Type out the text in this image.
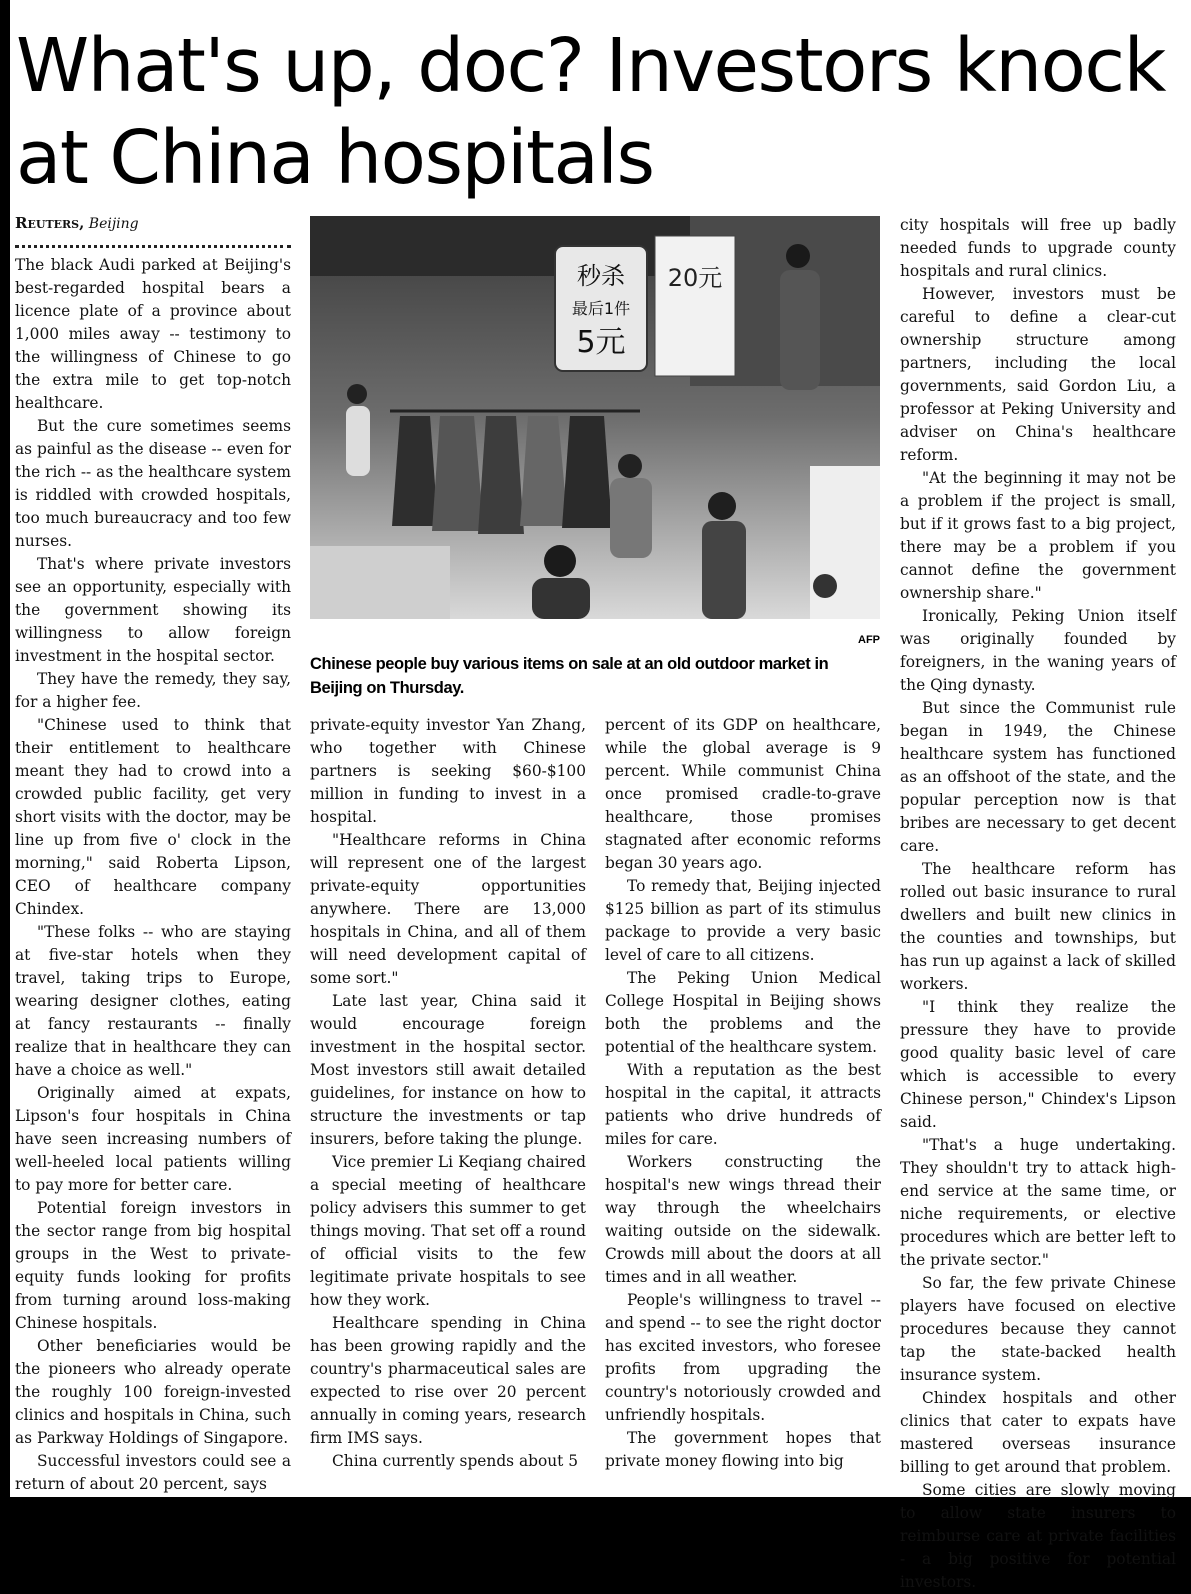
What's up, doc? Investors knock at China hospitals

Reuters, Beijing

The black Audi parked at Beijing's best-regarded hospital bears a licence plate of a province about 1,000 miles away -- testimony to the willingness of Chinese to go the extra mile to get top-notch healthcare.

But the cure sometimes seems as painful as the disease -- even for the rich -- as the healthcare system is riddled with crowded hospitals, too much bureaucracy and too few nurses.

That's where private investors see an opportunity, especially with the government showing its willingness to allow foreign investment in the hospital sector.

They have the remedy, they say, for a higher fee.

"Chinese used to think that their entitlement to healthcare meant they had to crowd into a crowded public facility, get very short visits with the doctor, may be line up from five o' clock in the morning," said Roberta Lipson, CEO of healthcare company Chindex.

"These folks -- who are staying at five-star hotels when they travel, taking trips to Europe, wearing designer clothes, eating at fancy restaurants -- finally realize that in healthcare they can have a choice as well."

Originally aimed at expats, Lipson's four hospitals in China have seen increasing numbers of well-heeled local patients willing to pay more for better care.

Potential foreign investors in the sector range from big hospital groups in the West to private-equity funds looking for profits from turning around loss-making Chinese hospitals.

Other beneficiaries would be the pioneers who already operate the roughly 100 foreign-invested clinics and hospitals in China, such as Parkway Holdings of Singapore.

Successful investors could see a return of about 20 percent, says

秒杀
最后1件
5元
20元

AFP

Chinese people buy various items on sale at an old outdoor market in Beijing on Thursday.

private-equity investor Yan Zhang, who together with Chinese partners is seeking $60-$100 million in funding to invest in a hospital.

"Healthcare reforms in China will represent one of the largest private-equity opportunities anywhere. There are 13,000 hospitals in China, and all of them will need development capital of some sort."

Late last year, China said it would encourage foreign investment in the hospital sector. Most investors still await detailed guidelines, for instance on how to structure the investments or tap insurers, before taking the plunge.

Vice premier Li Keqiang chaired a special meeting of healthcare policy advisers this summer to get things moving. That set off a round of official visits to the few legitimate private hospitals to see how they work.

Healthcare spending in China has been growing rapidly and the country's pharmaceutical sales are expected to rise over 20 percent annually in coming years, research firm IMS says.

China currently spends about 5

percent of its GDP on healthcare, while the global average is 9 percent. While communist China once promised cradle-to-grave healthcare, those promises stagnated after economic reforms began 30 years ago.

To remedy that, Beijing injected $125 billion as part of its stimulus package to provide a very basic level of care to all citizens.

The Peking Union Medical College Hospital in Beijing shows both the problems and the potential of the healthcare system.

With a reputation as the best hospital in the capital, it attracts patients who drive hundreds of miles for care.

Workers constructing the hospital's new wings thread their way through the wheelchairs waiting outside on the sidewalk. Crowds mill about the doors at all times and in all weather.

People's willingness to travel -- and spend -- to see the right doctor has excited investors, who foresee profits from upgrading the country's notoriously crowded and unfriendly hospitals.

The government hopes that private money flowing into big

city hospitals will free up badly needed funds to upgrade county hospitals and rural clinics.

However, investors must be careful to define a clear-cut ownership structure among partners, including the local governments, said Gordon Liu, a professor at Peking University and adviser on China's healthcare reform.

"At the beginning it may not be a problem if the project is small, but if it grows fast to a big project, there may be a problem if you cannot define the government ownership share."

Ironically, Peking Union itself was originally founded by foreigners, in the waning years of the Qing dynasty.

But since the Communist rule began in 1949, the Chinese healthcare system has functioned as an offshoot of the state, and the popular perception now is that bribes are necessary to get decent care.

The healthcare reform has rolled out basic insurance to rural dwellers and built new clinics in the counties and townships, but has run up against a lack of skilled workers.

"I think they realize the pressure they have to provide good quality basic level of care which is accessible to every Chinese person," Chindex's Lipson said.

"That's a huge undertaking. They shouldn't try to attack high-end service at the same time, or niche requirements, or elective procedures which are better left to the private sector."

So far, the few private Chinese players have focused on elective procedures because they cannot tap the state-backed health insurance system.

Chindex hospitals and other clinics that cater to expats have mastered overseas insurance billing to get around that problem.

Some cities are slowly moving to allow state insurers to reimburse care at private facilities - a big positive for potential investors.
